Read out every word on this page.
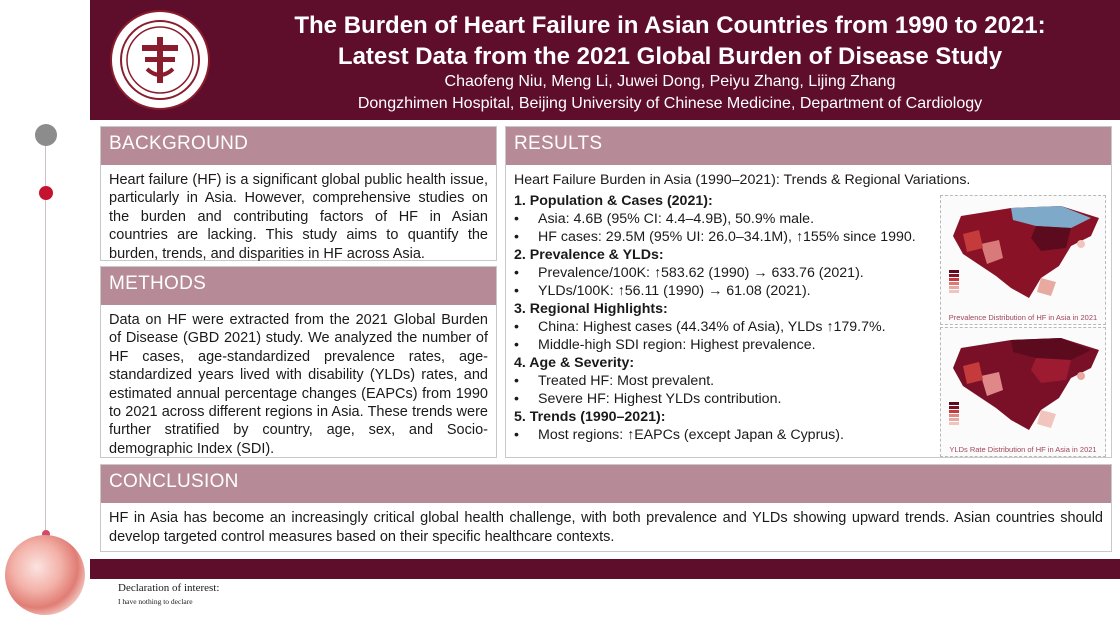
The Burden of Heart Failure in Asian Countries from 1990 to 2021:
Latest Data from the 2021 Global Burden of Disease Study
Chaofeng Niu, Meng Li, Juwei Dong, Peiyu Zhang, Lijing Zhang
Dongzhimen Hospital, Beijing University of Chinese Medicine, Department of Cardiology
BACKGROUND
Heart failure (HF) is a significant global public health issue, particularly in Asia. However, comprehensive studies on the burden and contributing factors of HF in Asian countries are lacking. This study aims to quantify the burden, trends, and disparities in HF across Asia.
METHODS
Data on HF were extracted from the 2021 Global Burden of Disease (GBD 2021) study. We analyzed the number of HF cases, age-standardized prevalence rates, age-standardized years lived with disability (YLDs) rates, and estimated annual percentage changes (EAPCs) from 1990 to 2021 across different regions in Asia. These trends were further stratified by country, age, sex, and Socio-demographic Index (SDI).
RESULTS
Heart Failure Burden in Asia (1990–2021): Trends & Regional Variations.
1. Population & Cases (2021):
•	Asia: 4.6B (95% CI: 4.4–4.9B), 50.9% male.
•	HF cases: 29.5M (95% UI: 26.0–34.1M), ↑155% since 1990.
2. Prevalence & YLDs:
•	Prevalence/100K: ↑583.62 (1990) → 633.76 (2021).
•	YLDs/100K: ↑56.11 (1990) → 61.08 (2021).
3. Regional Highlights:
•	China: Highest cases (44.34% of Asia), YLDs ↑179.7%.
•	Middle-high SDI region: Highest prevalence.
4. Age & Severity:
•	Treated HF: Most prevalent.
•	Severe HF: Highest YLDs contribution.
5. Trends (1990–2021):
•	Most regions: ↑EAPCs (except Japan & Cyprus).
Prevalence Distribution of HF in Asia in 2021
YLDs Rate Distribution of HF in Asia in 2021
CONCLUSION
HF in Asia has become an increasingly critical global health challenge, with both prevalence and YLDs showing upward trends. Asian countries should develop targeted control measures based on their specific healthcare contexts.
Declaration of interest:
I have nothing to declare
